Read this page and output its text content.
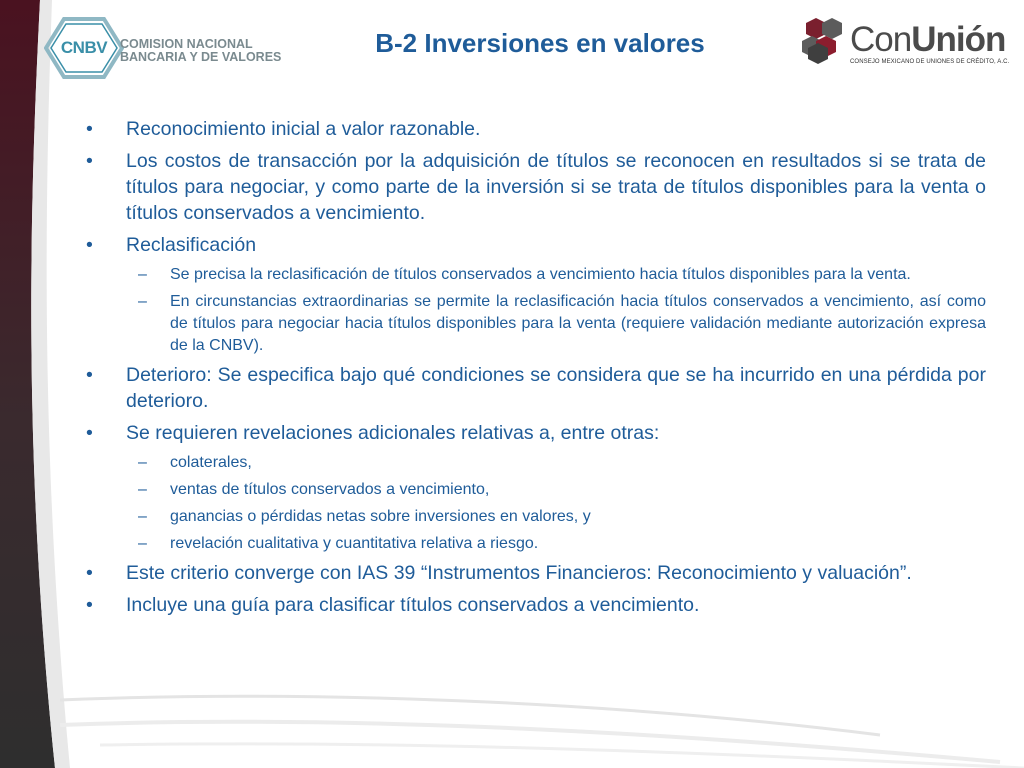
CNBV	COMISION NACIONAL
BANCARIA Y DE VALORES	B-2 Inversiones en valores	ConUnión
CONSEJO MEXICANO DE UNIONES DE CRÉDITO, A.C.
• Reconocimiento inicial a valor razonable.
• Los costos de transacción por la adquisición de títulos se reconocen en resultados si se trata de títulos para negociar, y como parte de la inversión si se trata de títulos disponibles para la venta o títulos conservados a vencimiento.
• Reclasificación
– Se precisa la reclasificación de títulos conservados a vencimiento hacia títulos disponibles para la venta.
– En circunstancias extraordinarias se permite la reclasificación hacia títulos conservados a vencimiento, así como de títulos para negociar hacia títulos disponibles para la venta (requiere validación mediante autorización expresa de la CNBV).
• Deterioro: Se especifica bajo qué condiciones se considera que se ha incurrido en una pérdida por deterioro.
• Se requieren revelaciones adicionales relativas a, entre otras:
– colaterales,
– ventas de títulos conservados a vencimiento,
– ganancias o pérdidas netas sobre inversiones en valores, y
– revelación cualitativa y cuantitativa relativa a riesgo.
• Este criterio converge con IAS 39 “Instrumentos Financieros: Reconocimiento y valuación”.
• Incluye una guía para clasificar títulos conservados a vencimiento.
